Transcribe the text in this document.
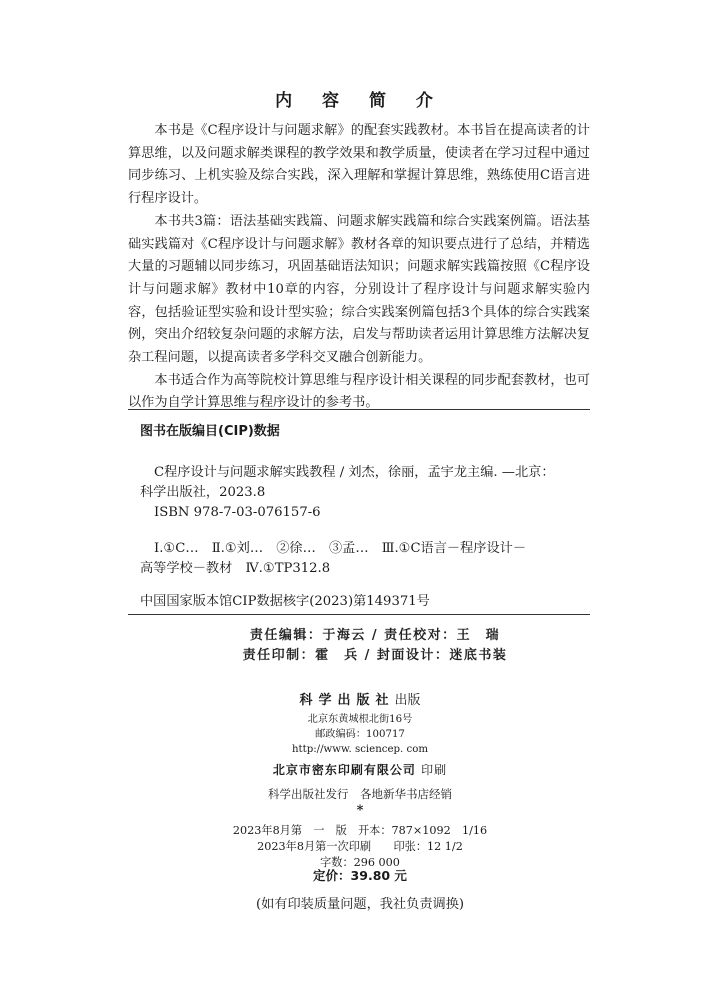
内 容 简 介

本书是《C程序设计与问题求解》的配套实践教材。本书旨在提高读者的计算思维，以及问题求解类课程的教学效果和教学质量，使读者在学习过程中通过同步练习、上机实验及综合实践，深入理解和掌握计算思维，熟练使用C语言进行程序设计。

本书共3篇：语法基础实践篇、问题求解实践篇和综合实践案例篇。语法基础实践篇对《C程序设计与问题求解》教材各章的知识要点进行了总结，并精选大量的习题辅以同步练习，巩固基础语法知识；问题求解实践篇按照《C程序设计与问题求解》教材中10章的内容，分别设计了程序设计与问题求解实验内容，包括验证型实验和设计型实验；综合实践案例篇包括3个具体的综合实践案例，突出介绍较复杂问题的求解方法，启发与帮助读者运用计算思维方法解决复杂工程问题，以提高读者多学科交叉融合创新能力。

本书适合作为高等院校计算思维与程序设计相关课程的同步配套教材，也可以作为自学计算思维与程序设计的参考书。

图书在版编目(CIP)数据

C程序设计与问题求解实践教程 / 刘杰，徐丽，孟宇龙主编. —北京：

科学出版社，2023.8

ISBN 978-7-03-076157-6

Ⅰ.①C…　Ⅱ.①刘…　②徐…　③孟…　Ⅲ.①C语言－程序设计－

高等学校－教材　Ⅳ.①TP312.8

中国国家版本馆CIP数据核字(2023)第149371号
责任编辑：于海云 / 责任校对：王　瑞
责任印制：霍　兵 / 封面设计：迷底书装
科学出版社出版
北京东黄城根北街16号
邮政编码：100717
http://www. sciencep. com
北京市密东印刷有限公司 印刷
科学出版社发行　各地新华书店经销
*
2023年8月第　一　版　开本：787×1092　1/16
2023年8月第一次印刷　　印张：12 1/2
字数：296 000
定价：39.80 元
(如有印装质量问题，我社负责调换)
